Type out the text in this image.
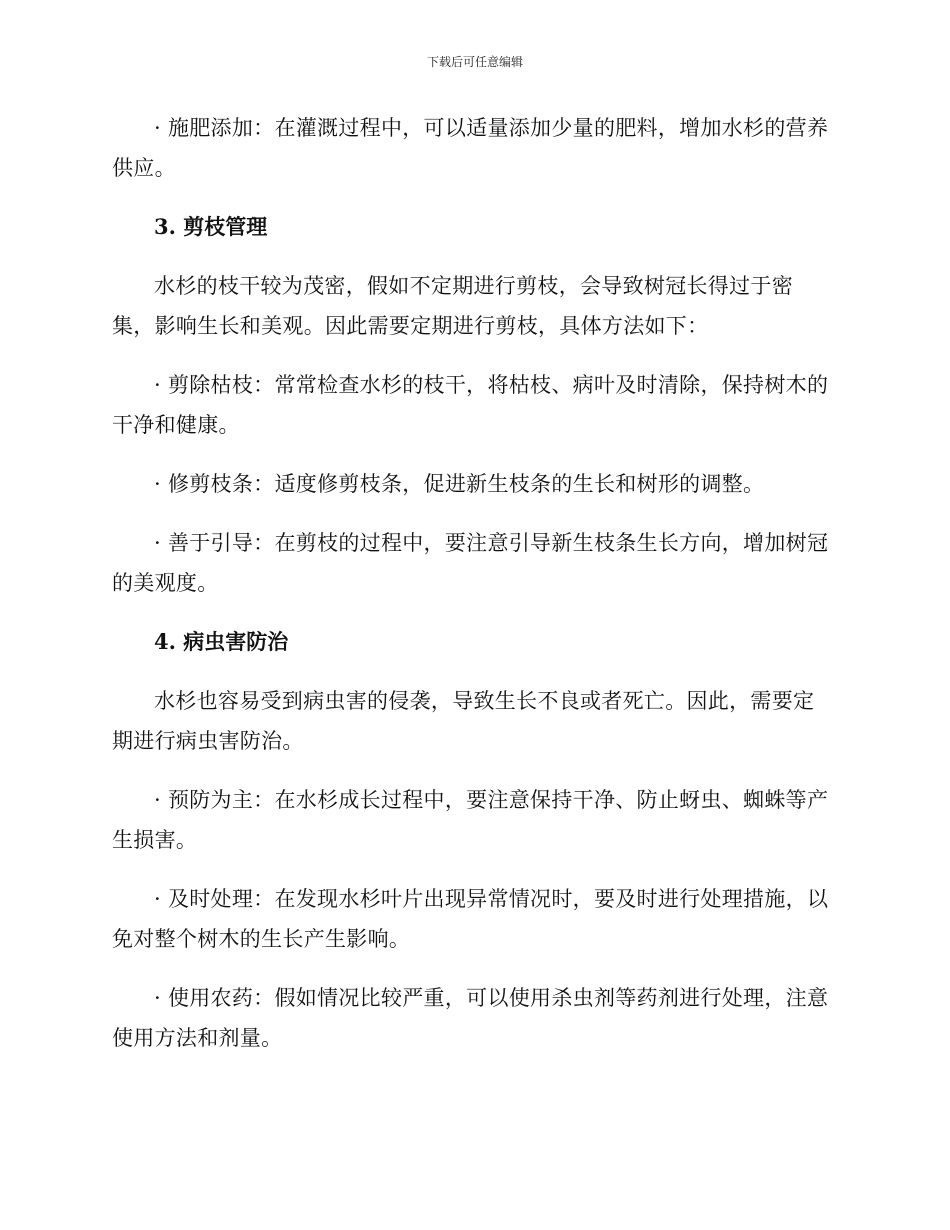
下载后可任意编辑

· 施肥添加：在灌溉过程中，可以适量添加少量的肥料，增加水杉的营养供应。

3. 剪枝管理

水杉的枝干较为茂密，假如不定期进行剪枝，会导致树冠长得过于密集，影响生长和美观。因此需要定期进行剪枝，具体方法如下：

· 剪除枯枝：常常检查水杉的枝干，将枯枝、病叶及时清除，保持树木的干净和健康。

· 修剪枝条：适度修剪枝条，促进新生枝条的生长和树形的调整。

· 善于引导：在剪枝的过程中，要注意引导新生枝条生长方向，增加树冠的美观度。

4. 病虫害防治

水杉也容易受到病虫害的侵袭，导致生长不良或者死亡。因此，需要定期进行病虫害防治。

· 预防为主：在水杉成长过程中，要注意保持干净、防止蚜虫、蜘蛛等产生损害。

· 及时处理：在发现水杉叶片出现异常情况时，要及时进行处理措施，以免对整个树木的生长产生影响。

· 使用农药：假如情况比较严重，可以使用杀虫剂等药剂进行处理，注意使用方法和剂量。
